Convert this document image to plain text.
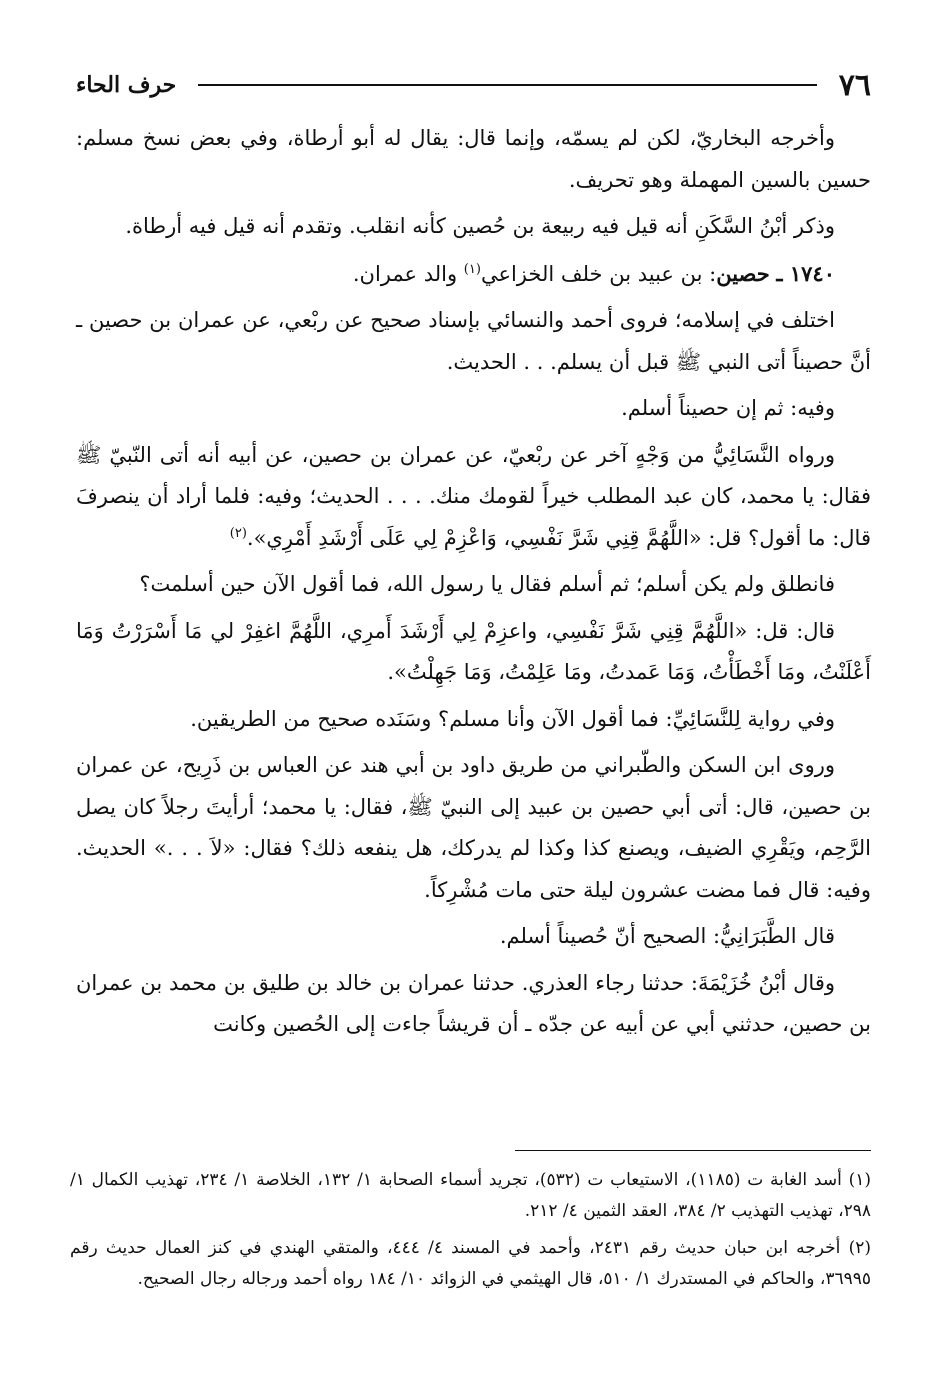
٧٦
حرف الحاء

وأخرجه البخاريّ، لكن لم يسمّه، وإنما قال: يقال له أبو أرطاة، وفي بعض نسخ مسلم: حسين بالسين المهملة وهو تحريف.

وذكر أبْنُ السَّكَنِ أنه قيل فيه ربيعة بن حُصين كأنه انقلب. وتقدم أنه قيل فيه أرطاة.

١٧٤٠ ـ حصين: بن عبيد بن خلف الخزاعي$^{(١)}$ والد عمران.

اختلف في إسلامه؛ فروى أحمد والنسائي بإسناد صحيح عن ربْعي، عن عمران بن حصين ـ أنَّ حصيناً أتى النبي ﷺ قبل أن يسلم. . . الحديث.

وفيه: ثم إن حصيناً أسلم.

ورواه النَّسَائِيُّ من وَجْهٍ آخر عن ربْعيّ، عن عمران بن حصين، عن أبيه أنه أتى النّبيّ ﷺ فقال: يا محمد، كان عبد المطلب خيراً لقومك منك. . . . الحديث؛ وفيه: فلما أراد أن ينصرفَ قال: ما أقول؟ قل: «اللَّهُمَّ قِنِي شَرَّ نَفْسِي، وَاعْزِمْ لِي عَلَى أَرْشَدِ أَمْرِي».$^{(٢)}$

فانطلق ولم يكن أسلم؛ ثم أسلم فقال يا رسول الله، فما أقول الآن حين أسلمت؟

قال: قل: «اللَّهُمَّ قِنِي شَرَّ نَفْسِي، واعزِمْ لِي أَرْشَدَ أَمرِي، اللَّهُمَّ اغفِرْ لي مَا أَسْرَرْتُ وَمَا أَعْلَنْتُ، ومَا أَخْطَأْتُ، وَمَا عَمدتُ، ومَا عَلِمْتُ، وَمَا جَهِلْتُ».

وفي رواية لِلنَّسَائِيِّ: فما أقول الآن وأنا مسلم؟ وسَنَده صحيح من الطريقين.

وروى ابن السكن والطّبراني من طريق داود بن أبي هند عن العباس بن ذَرِيح، عن عمران بن حصين، قال: أتى أبي حصين بن عبيد إلى النبيّ ﷺ، فقال: يا محمد؛ أرأيتَ رجلاً كان يصل الرَّحِم، ويَقْرِي الضيف، ويصنع كذا وكذا لم يدركك، هل ينفعه ذلك؟ فقال: «لاَ . . .» الحديث. وفيه: قال فما مضت عشرون ليلة حتى مات مُشْرِكاً.

قال الطَّبَرَانِيُّ: الصحيح أنّ حُصيناً أسلم.

وقال أبْنُ خُزَيْمَةَ: حدثنا رجاء العذري. حدثنا عمران بن خالد بن طليق بن محمد بن عمران بن حصين، حدثني أبي عن أبيه عن جدّه ـ أن قريشاً جاءت إلى الحُصين وكانت

(١) أسد الغابة ت (١١٨٥)، الاستيعاب ت (٥٣٢)، تجريد أسماء الصحابة ١/ ١٣٢، الخلاصة ١/ ٢٣٤، تهذيب الكمال ١/ ٢٩٨، تهذيب التهذيب ٢/ ٣٨٤، العقد الثمين ٤/ ٢١٢.

(٢) أخرجه ابن حبان حديث رقم ٢٤٣١، وأحمد في المسند ٤/ ٤٤٤، والمتقي الهندي في كنز العمال حديث رقم ٣٦٩٩٥، والحاكم في المستدرك ١/ ٥١٠، قال الهيثمي في الزوائد ١٠/ ١٨٤ رواه أحمد ورجاله رجال الصحيح.
